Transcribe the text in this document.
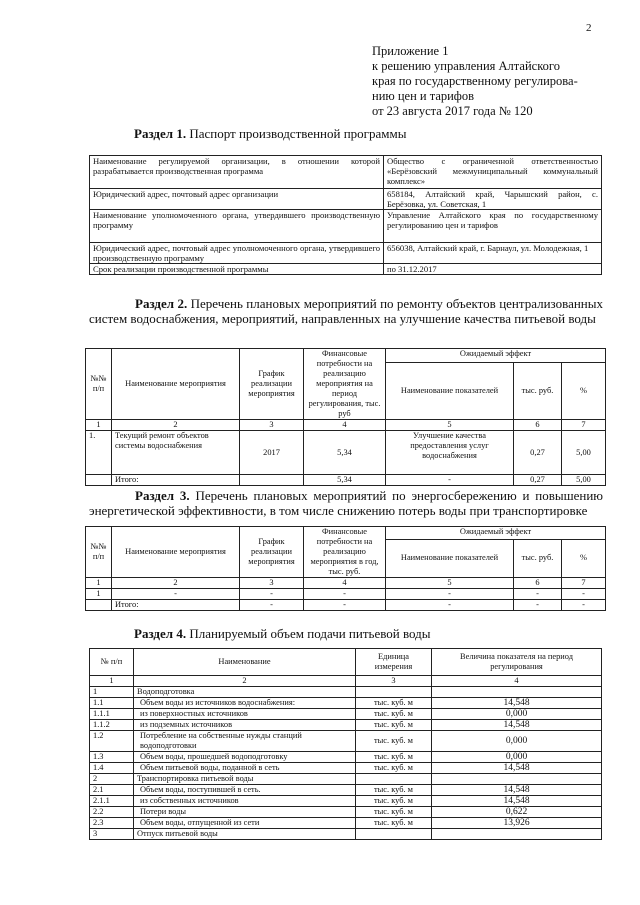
2
Приложение 1
к решению управления Алтайского
края по государственному регулирова-
нию цен и тарифов
от 23 августа 2017 года № 120
Раздел 1. Паспорт производственной программы
Наименование регулируемой организации, в отношении которой разрабатывается производственная программа	Общество с ограниченной ответственностью «Берёзовский межмуниципальный коммунальный комплекс»
Юридический адрес, почтовый адрес организации	658184, Алтайский край, Чарышский район, с. Берёзовка, ул. Советская, 1
Наименование уполномоченного органа, утвердившего производственную программу	Управление Алтайского края по государственному регулированию цен и тарифов
Юридический адрес, почтовый адрес уполномоченного органа, утвердившего производственную программу	656038, Алтайский край, г. Барнаул, ул. Молодежная, 1
Срок реализации производственной программы	по 31.12.2017
Раздел 2. Перечень плановых мероприятий по ремонту объектов централизованных систем водоснабжения, мероприятий, направленных на улучшение качества питьевой воды
№№ п/п	Наименование мероприятия	График реализации мероприятия	Финансовые потребности на реализацию мероприятия на период регулирования, тыс. руб	Ожидаемый эффект		
				Наименование показателей	тыс. руб.	%
1	2	3	4	5	6	7
1.	Текущий ремонт объектов системы водоснабжения	2017	5,34	Улучшение качества предоставления услуг водоснабжения	0,27	5,00
	Итого:		5,34	-	0,27	5,00
Раздел 3. Перечень плановых мероприятий по энергосбережению и повышению энергетической эффективности, в том числе снижению потерь воды при транспортировке
№№ п/п	Наименование мероприятия	График реализации мероприятия	Финансовые потребности на реализацию мероприятия в год, тыс. руб.	Ожидаемый эффект		
				Наименование показателей	тыс. руб.	%
1	2	3	4	5	6	7
1	-	-	-	-	-	-
	Итого:	-	-	-	-	-
Раздел 4. Планируемый объем подачи питьевой воды
№ п/п	Наименование	Единица измерения	Величина показателя на период регулирования
1	2	3	4
1	Водоподготовка		
1.1	Объем воды из источников водоснабжения:	тыс. куб. м	14,548
1.1.1	из поверхностных источников	тыс. куб. м	0,000
1.1.2	из подземных источников	тыс. куб. м	14,548
1.2	Потребление на собственные нужды станций водоподготовки	тыс. куб. м	0,000
1.3	Объем воды, прошедшей водоподготовку	тыс. куб. м	0,000
1.4	Объем питьевой воды, поданной в сеть	тыс. куб. м	14,548
2	Транспортировка питьевой воды		
2.1	Объем воды, поступившей в сеть.	тыс. куб. м	14,548
2.1.1	из собственных источников	тыс. куб. м	14,548
2.2	Потери воды	тыс. куб. м	0,622
2.3	Объем воды, отпущенной из сети	тыс. куб. м	13,926
3	Отпуск питьевой воды		
